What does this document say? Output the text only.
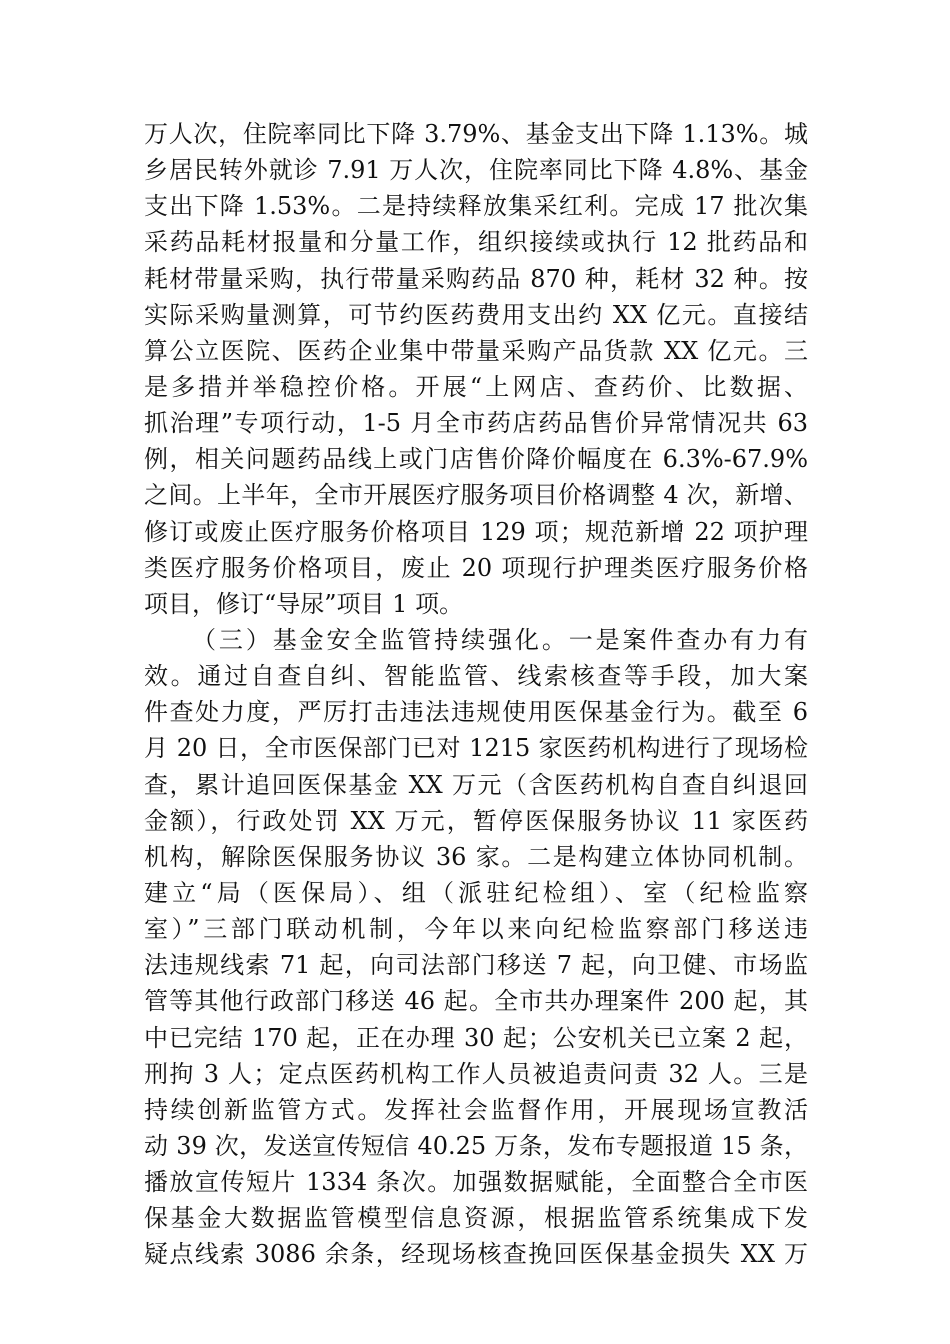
万人次，住院率同比下降 3.79%、基金支出下降 1.13%。城
乡居民转外就诊 7.91 万人次，住院率同比下降 4.8%、基金
支出下降 1.53%。二是持续释放集采红利。完成 17 批次集
采药品耗材报量和分量工作，组织接续或执行 12 批药品和
耗材带量采购，执行带量采购药品 870 种，耗材 32 种。按
实际采购量测算，可节约医药费用支出约 XX 亿元。直接结
算公立医院、医药企业集中带量采购产品货款 XX 亿元。三
是多措并举稳控价格。开展“上网店、查药价、比数据、
抓治理”专项行动，1-5 月全市药店药品售价异常情况共 63
例，相关问题药品线上或门店售价降价幅度在 6.3%-67.9%
之间。上半年，全市开展医疗服务项目价格调整 4 次，新增、
修订或废止医疗服务价格项目 129 项；规范新增 22 项护理
类医疗服务价格项目，废止 20 项现行护理类医疗服务价格
项目，修订“导尿”项目 1 项。
（三）基金安全监管持续强化。一是案件查办有力有
效。通过自查自纠、智能监管、线索核查等手段，加大案
件查处力度，严厉打击违法违规使用医保基金行为。截至 6
月 20 日，全市医保部门已对 1215 家医药机构进行了现场检
查，累计追回医保基金 XX 万元（含医药机构自查自纠退回
金额），行政处罚 XX 万元，暂停医保服务协议 11 家医药
机构，解除医保服务协议 36 家。二是构建立体协同机制。
建立“局（医保局）、组（派驻纪检组）、室（纪检监察
室）”三部门联动机制，今年以来向纪检监察部门移送违
法违规线索 71 起，向司法部门移送 7 起，向卫健、市场监
管等其他行政部门移送 46 起。全市共办理案件 200 起，其
中已完结 170 起，正在办理 30 起；公安机关已立案 2 起，
刑拘 3 人；定点医药机构工作人员被追责问责 32 人。三是
持续创新监管方式。发挥社会监督作用，开展现场宣教活
动 39 次，发送宣传短信 40.25 万条，发布专题报道 15 条，
播放宣传短片 1334 条次。加强数据赋能，全面整合全市医
保基金大数据监管模型信息资源，根据监管系统集成下发
疑点线索 3086 余条，经现场核查挽回医保基金损失 XX 万
